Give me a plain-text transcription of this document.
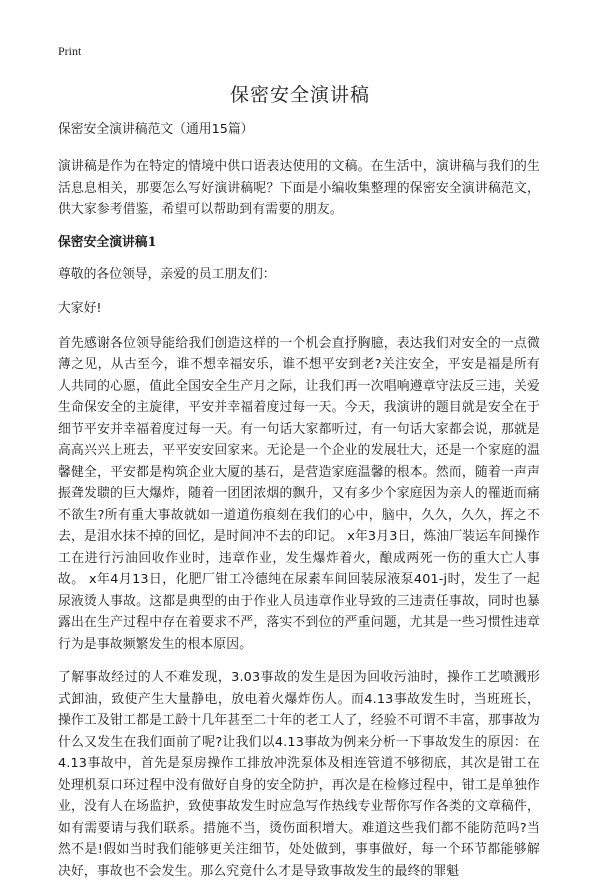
Print
保密安全演讲稿

保密安全演讲稿范文（通用15篇）

演讲稿是作为在特定的情境中供口语表达使用的文稿。在生活中，演讲稿与我们的生活息息相关，那要怎么写好演讲稿呢？下面是小编收集整理的保密安全演讲稿范文，供大家参考借鉴，希望可以帮助到有需要的朋友。

保密安全演讲稿1

尊敬的各位领导，亲爱的员工朋友们：

大家好!

首先感谢各位领导能给我们创造这样的一个机会直抒胸臆，表达我们对安全的一点微薄之见，从古至今，谁不想幸福安乐，谁不想平安到老?关注安全，平安是福是所有人共同的心愿，值此全国安全生产月之际，让我们再一次唱响遵章守法反三违，关爱生命保安全的主旋律，平安并幸福着度过每一天。今天，我演讲的题目就是安全在于细节平安并幸福着度过每一天。有一句话大家都听过，有一句话大家都会说，那就是高高兴兴上班去，平平安安回家来。无论是一个企业的发展壮大，还是一个家庭的温馨健全，平安都是构筑企业大厦的基石，是营造家庭温馨的根本。然而，随着一声声振聋发聩的巨大爆炸，随着一团团浓烟的飘升，又有多少个家庭因为亲人的罹逝而痛不欲生?所有重大事故就如一道道伤痕刻在我们的心中，脑中，久久，久久，挥之不去，是泪水抹不掉的回忆，是时间冲不去的印记。 x年3月3日，炼油厂装运车间操作工在进行污油回收作业时，违章作业，发生爆炸着火，酿成两死一伤的重大亡人事故。 x年4月13日，化肥厂钳工冷德纯在尿素车间回装尿液泵401-j时，发生了一起尿液烫人事故。这都是典型的由于作业人员违章作业导致的三违责任事故，同时也暴露出在生产过程中存在着要求不严，落实不到位的严重问题，尤其是一些习惯性违章行为是事故频繁发生的根本原因。

了解事故经过的人不难发现，3.03事故的发生是因为回收污油时，操作工艺喷溅形式卸油，致使产生大量静电，放电着火爆炸伤人。而4.13事故发生时，当班班长，操作工及钳工都是工龄十几年甚至二十年的老工人了，经验不可谓不丰富，那事故为什么又发生在我们面前了呢?让我们以4.13事故为例来分析一下事故发生的原因：在4.13事故中，首先是泵房操作工排放冲洗泵体及相连管道不够彻底，其次是钳工在处理机泵口环过程中没有做好自身的安全防护，再次是在检修过程中，钳工是单独作业，没有人在场监护，致使事故发生时应急写作热线专业帮你写作各类的文章稿件，如有需要请与我们联系。措施不当，烫伤面积增大。难道这些我们都不能防范吗?当然不是!假如当时我们能够更关注细节，处处做到，事事做好，每一个环节都能够解决好，事故也不会发生。那么究竟什么才是导致事故发生的最终的罪魁
